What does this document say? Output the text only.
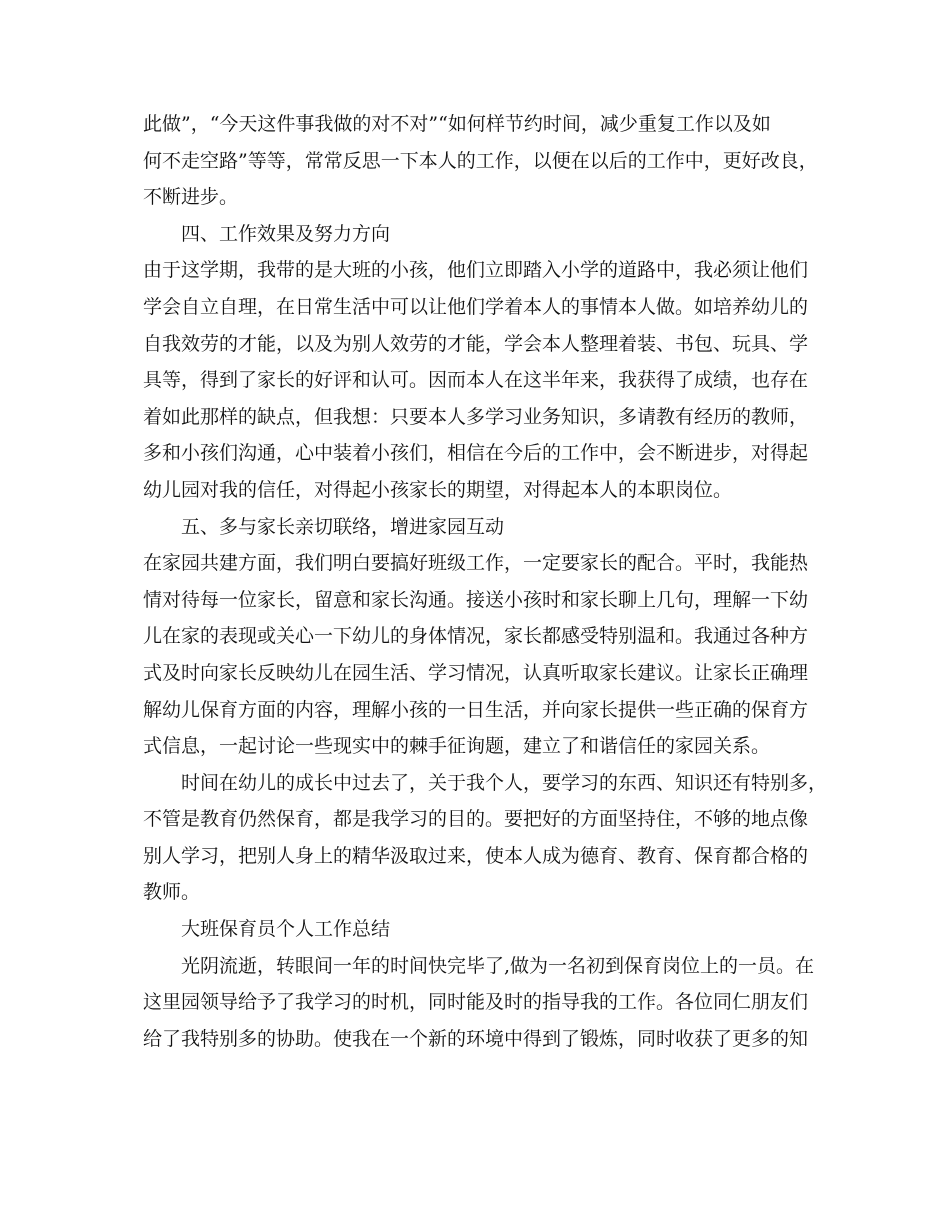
此做”，“今天这件事我做的对不对”“如何样节约时间，减少重复工作以及如
何不走空路”等等，常常反思一下本人的工作，以便在以后的工作中，更好改良，
不断进步。
四、工作效果及努力方向
由于这学期，我带的是大班的小孩，他们立即踏入小学的道路中，我必须让他们
学会自立自理，在日常生活中可以让他们学着本人的事情本人做。如培养幼儿的
自我效劳的才能，以及为别人效劳的才能，学会本人整理着装、书包、玩具、学
具等，得到了家长的好评和认可。因而本人在这半年来，我获得了成绩，也存在
着如此那样的缺点，但我想：只要本人多学习业务知识，多请教有经历的教师，
多和小孩们沟通，心中装着小孩们，相信在今后的工作中，会不断进步，对得起
幼儿园对我的信任，对得起小孩家长的期望，对得起本人的本职岗位。
五、多与家长亲切联络，增进家园互动
在家园共建方面，我们明白要搞好班级工作，一定要家长的配合。平时，我能热
情对待每一位家长，留意和家长沟通。接送小孩时和家长聊上几句，理解一下幼
儿在家的表现或关心一下幼儿的身体情况，家长都感受特别温和。我通过各种方
式及时向家长反映幼儿在园生活、学习情况，认真听取家长建议。让家长正确理
解幼儿保育方面的内容，理解小孩的一日生活，并向家长提供一些正确的保育方
式信息，一起讨论一些现实中的棘手征询题，建立了和谐信任的家园关系。
时间在幼儿的成长中过去了，关于我个人，要学习的东西、知识还有特别多，
不管是教育仍然保育，都是我学习的目的。要把好的方面坚持住，不够的地点像
别人学习，把别人身上的精华汲取过来，使本人成为德育、教育、保育都合格的
教师。
大班保育员个人工作总结
光阴流逝，转眼间一年的时间快完毕了,做为一名初到保育岗位上的一员。在
这里园领导给予了我学习的时机，同时能及时的指导我的工作。各位同仁朋友们
给了我特别多的协助。使我在一个新的环境中得到了锻炼，同时收获了更多的知
